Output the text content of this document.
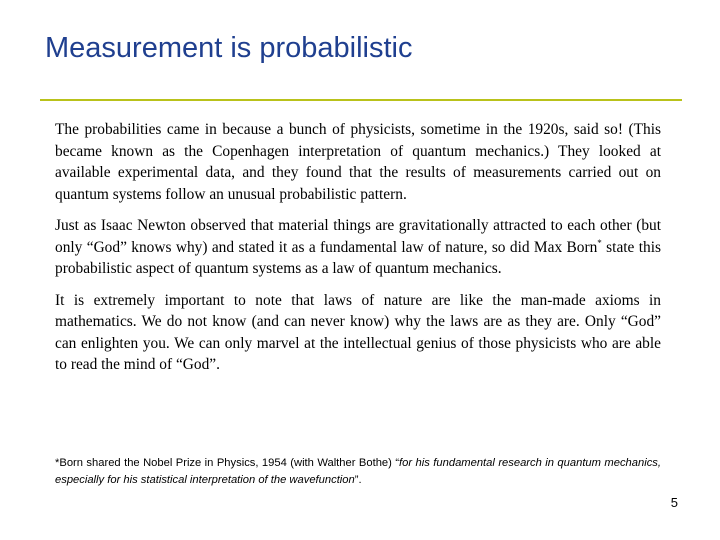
Measurement is probabilistic

The probabilities came in because a bunch of physicists, sometime in the 1920s, said so! (This became known as the Copenhagen interpretation of quantum mechanics.) They looked at available experimental data, and they found that the results of measurements carried out on quantum systems follow an unusual probabilistic pattern.

Just as Isaac Newton observed that material things are gravitationally attracted to each other (but only “God” knows why) and stated it as a fundamental law of nature, so did Max Born* state this probabilistic aspect of quantum systems as a law of quantum mechanics.

It is extremely important to note that laws of nature are like the man-made axioms in mathematics. We do not know (and can never know) why the laws are as they are. Only “God” can enlighten you. We can only marvel at the intellectual genius of those physicists who are able to read the mind of “God”.

*Born shared the Nobel Prize in Physics, 1954 (with Walther Bothe) “for his fundamental research in quantum mechanics, especially for his statistical interpretation of the wavefunction”.
5
